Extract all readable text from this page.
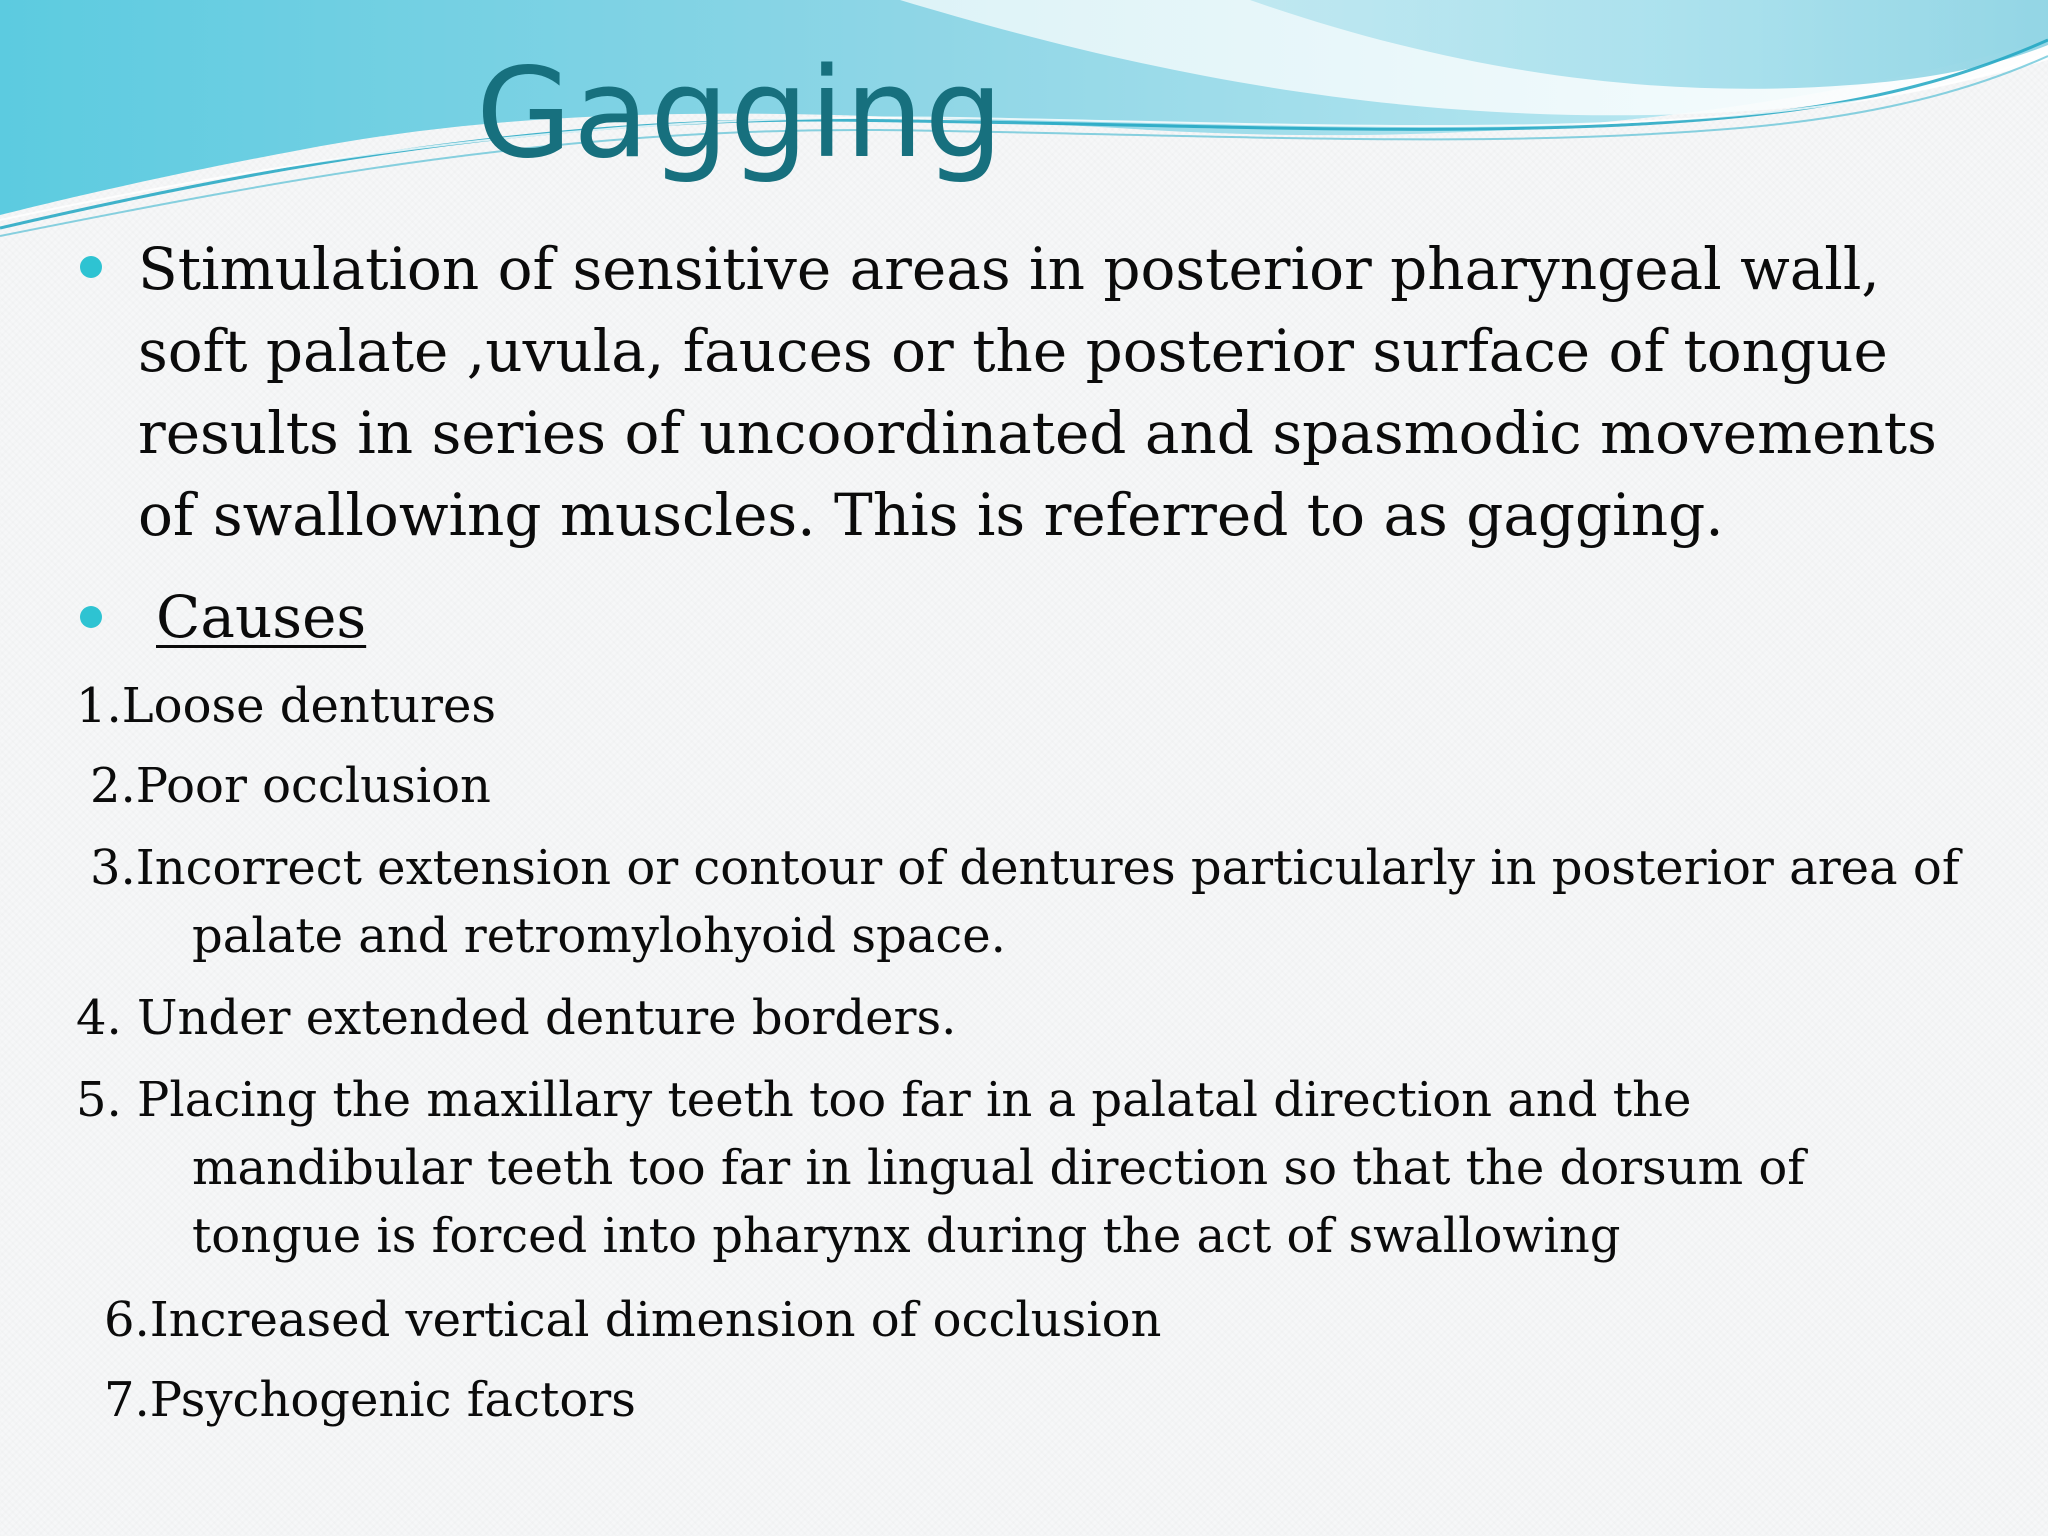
Gagging

Stimulation of sensitive areas in posterior pharyngeal wall,
soft palate ,uvula, fauces or the posterior surface of tongue
results in series of uncoordinated and spasmodic movements
of swallowing muscles. This is referred to as gagging.

Causes

1.Loose dentures
2.Poor occlusion
3.Incorrect extension or contour of dentures particularly in posterior area of
palate and retromylohyoid space.
4. Under extended denture borders.
5. Placing the maxillary teeth too far in a palatal direction and the
mandibular teeth too far in lingual direction so that the dorsum of
tongue is forced into pharynx during the act of swallowing
6.Increased vertical dimension of occlusion
7.Psychogenic factors
